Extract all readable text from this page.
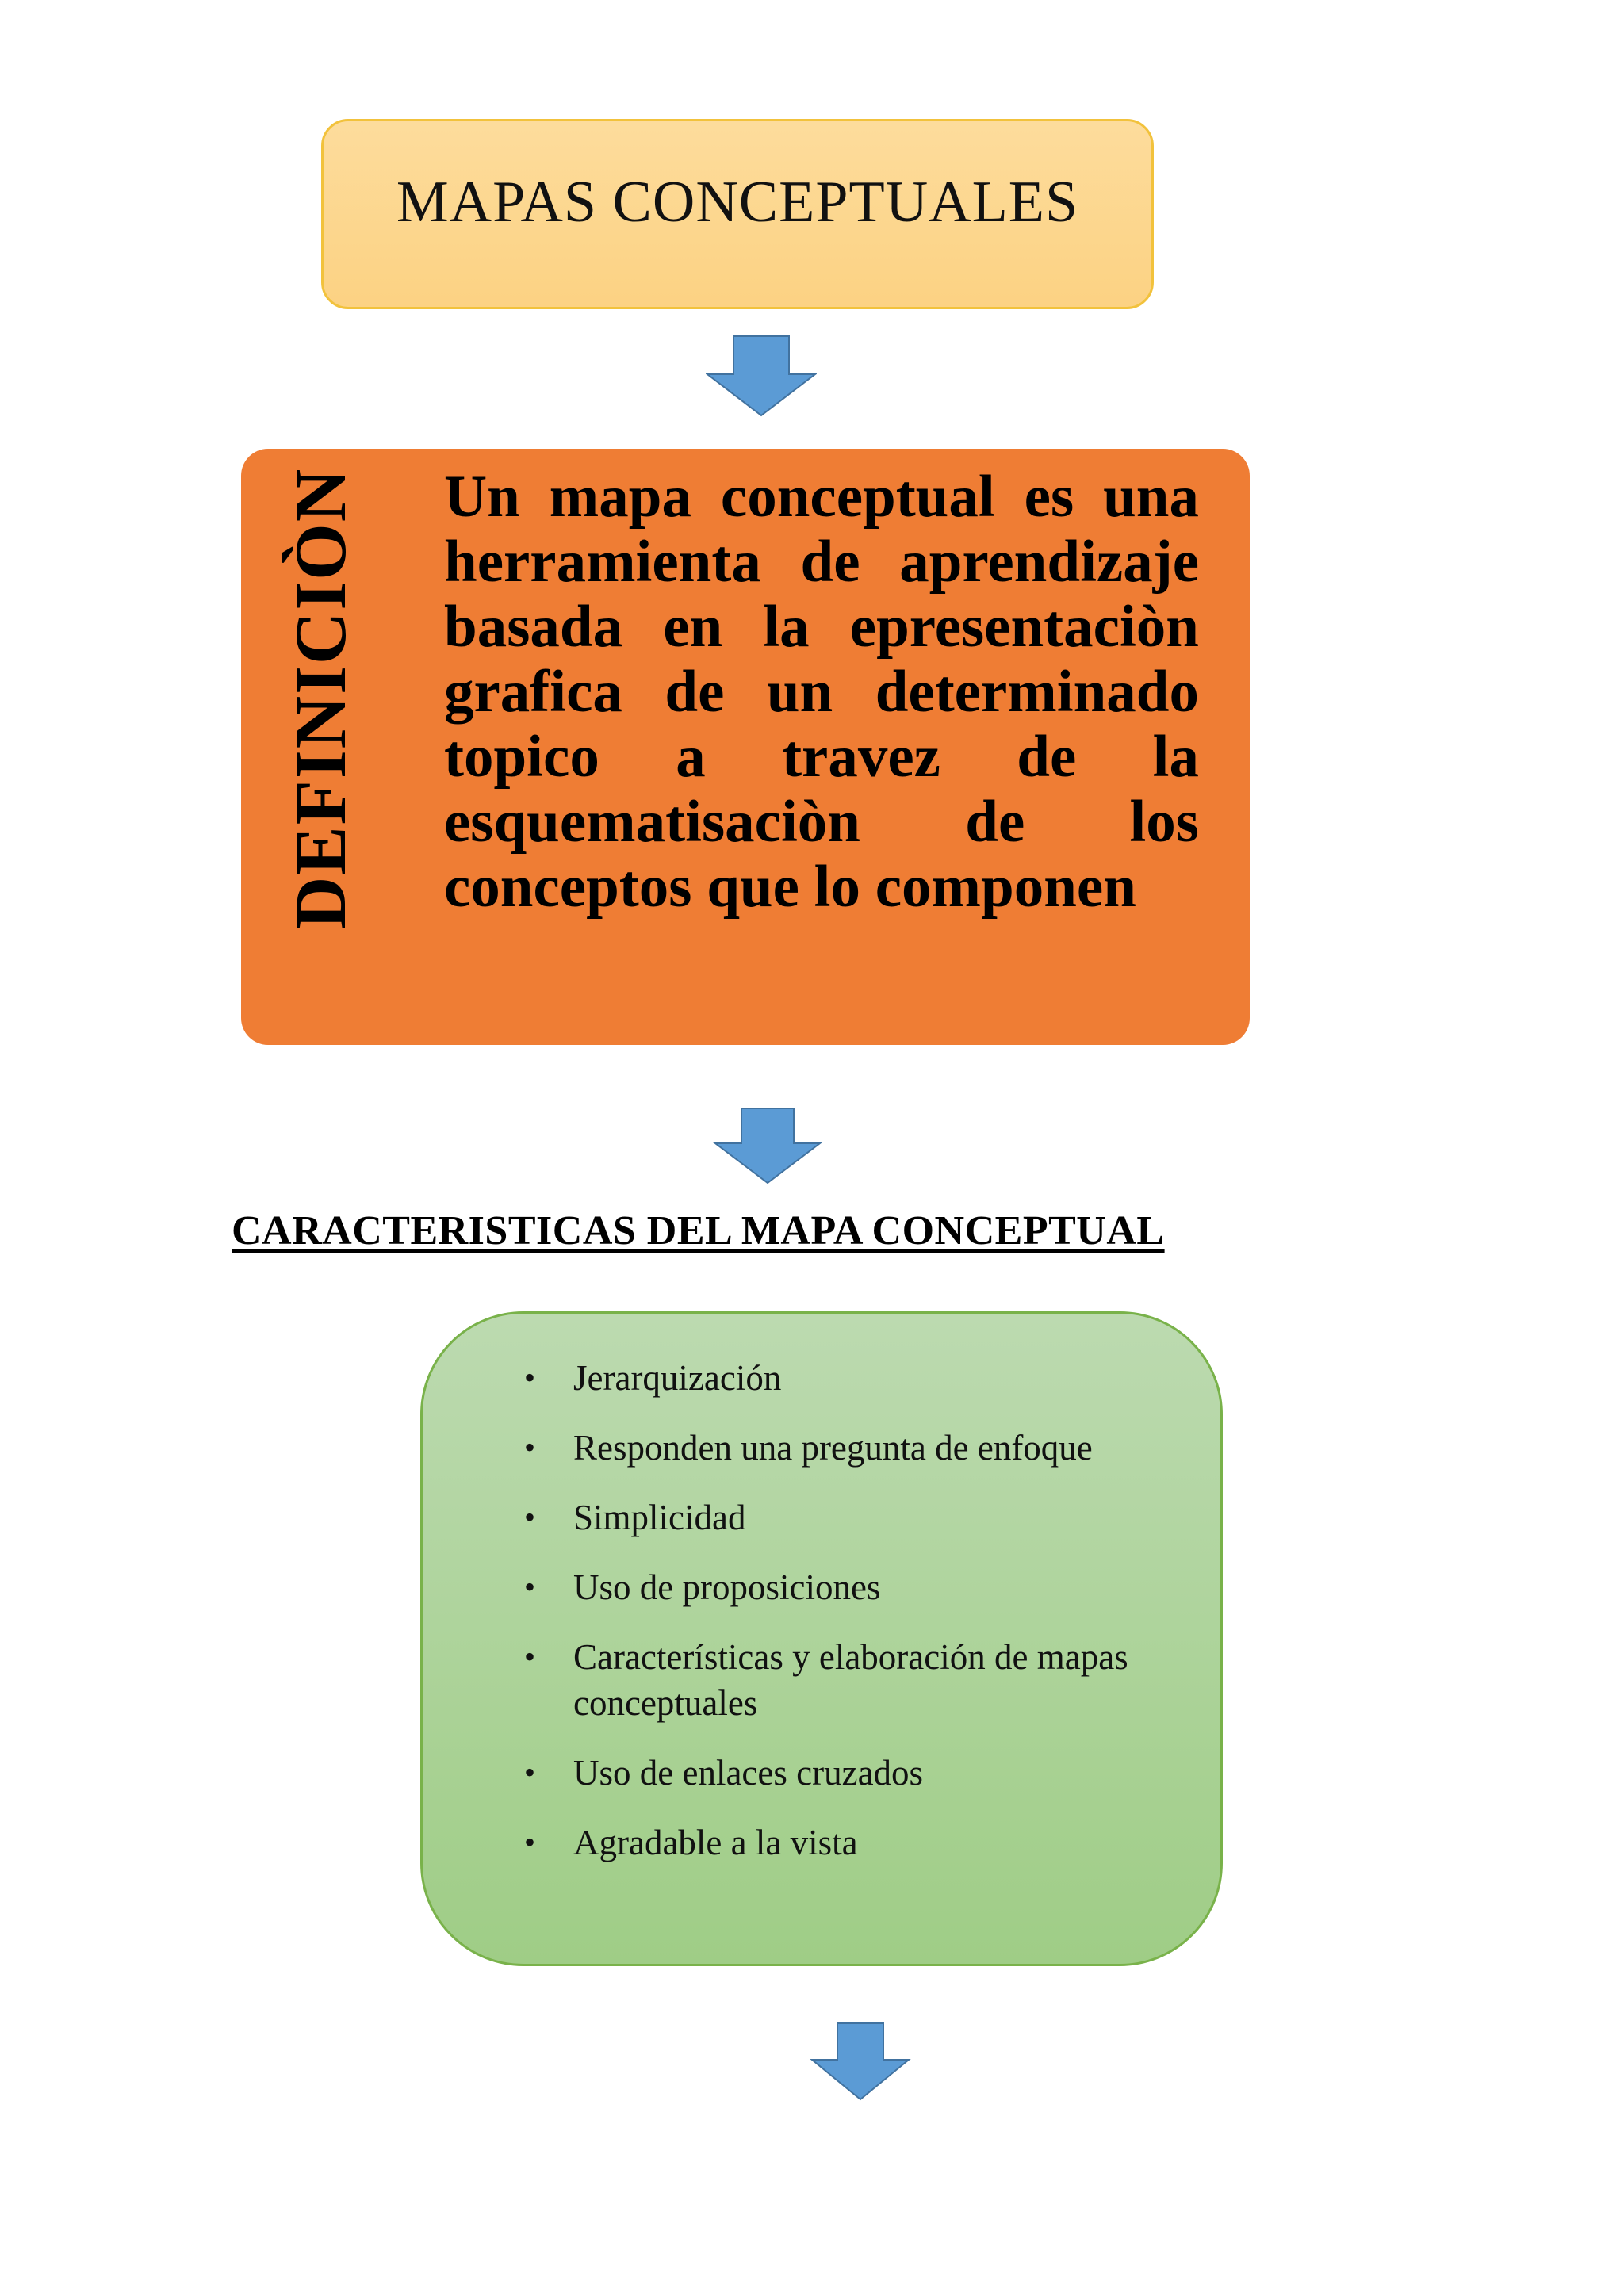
MAPAS CONCEPTUALES
DEFINICIÒN Un mapa conceptual es una herramienta de aprendizaje basada en la epresentaciòn grafica de un determinado topico a travez de la esquematisaciòn de los conceptos que lo componen

CARACTERISTICAS DEL MAPA CONCEPTUAL
• Jerarquización
• Responden una pregunta de enfoque
• Simplicidad
• Uso de proposiciones
• Características y elaboración de mapas conceptuales
• Uso de enlaces cruzados
• Agradable a la vista
